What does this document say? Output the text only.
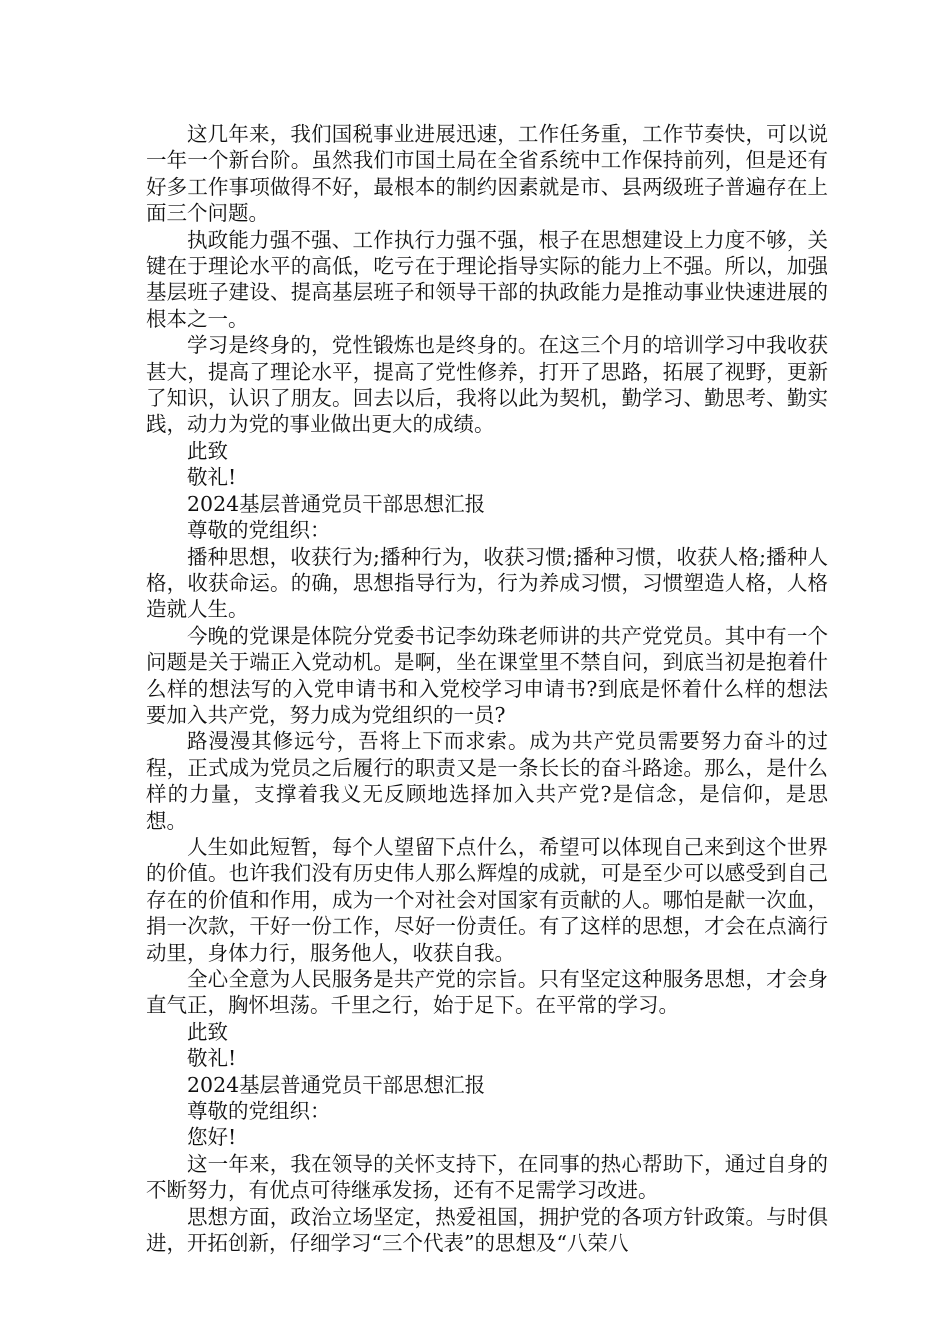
这几年来，我们国税事业进展迅速，工作任务重，工作节奏快，可以说一年一个新台阶。虽然我们市国土局在全省系统中工作保持前列，但是还有好多工作事项做得不好，最根本的制约因素就是市、县两级班子普遍存在上面三个问题。

执政能力强不强、工作执行力强不强，根子在思想建设上力度不够，关键在于理论水平的高低，吃亏在于理论指导实际的能力上不强。所以，加强基层班子建设、提高基层班子和领导干部的执政能力是推动事业快速进展的根本之一。

学习是终身的，党性锻炼也是终身的。在这三个月的培训学习中我收获甚大，提高了理论水平，提高了党性修养，打开了思路，拓展了视野，更新了知识，认识了朋友。回去以后，我将以此为契机，勤学习、勤思考、勤实践，动力为党的事业做出更大的成绩。

此致

敬礼!

2024基层普通党员干部思想汇报

尊敬的党组织：

播种思想，收获行为;播种行为，收获习惯;播种习惯，收获人格;播种人格，收获命运。的确，思想指导行为，行为养成习惯，习惯塑造人格，人格造就人生。

今晚的党课是体院分党委书记李幼珠老师讲的共产党党员。其中有一个问题是关于端正入党动机。是啊，坐在课堂里不禁自问，到底当初是抱着什么样的想法写的入党申请书和入党校学习申请书?到底是怀着什么样的想法要加入共产党，努力成为党组织的一员?

路漫漫其修远兮，吾将上下而求索。成为共产党员需要努力奋斗的过程，正式成为党员之后履行的职责又是一条长长的奋斗路途。那么，是什么样的力量，支撑着我义无反顾地选择加入共产党?是信念，是信仰，是思想。

人生如此短暂，每个人望留下点什么，希望可以体现自己来到这个世界的价值。也许我们没有历史伟人那么辉煌的成就，可是至少可以感受到自己存在的价值和作用，成为一个对社会对国家有贡献的人。哪怕是献一次血，捐一次款，干好一份工作，尽好一份责任。有了这样的思想，才会在点滴行动里，身体力行，服务他人，收获自我。

全心全意为人民服务是共产党的宗旨。只有坚定这种服务思想，才会身直气正，胸怀坦荡。千里之行，始于足下。在平常的学习。

此致

敬礼!

2024基层普通党员干部思想汇报

尊敬的党组织：

您好!

这一年来，我在领导的关怀支持下，在同事的热心帮助下，通过自身的不断努力，有优点可待继承发扬，还有不足需学习改进。

思想方面，政治立场坚定，热爱祖国，拥护党的各项方针政策。与时俱进，开拓创新，仔细学习“三个代表”的思想及“八荣八
